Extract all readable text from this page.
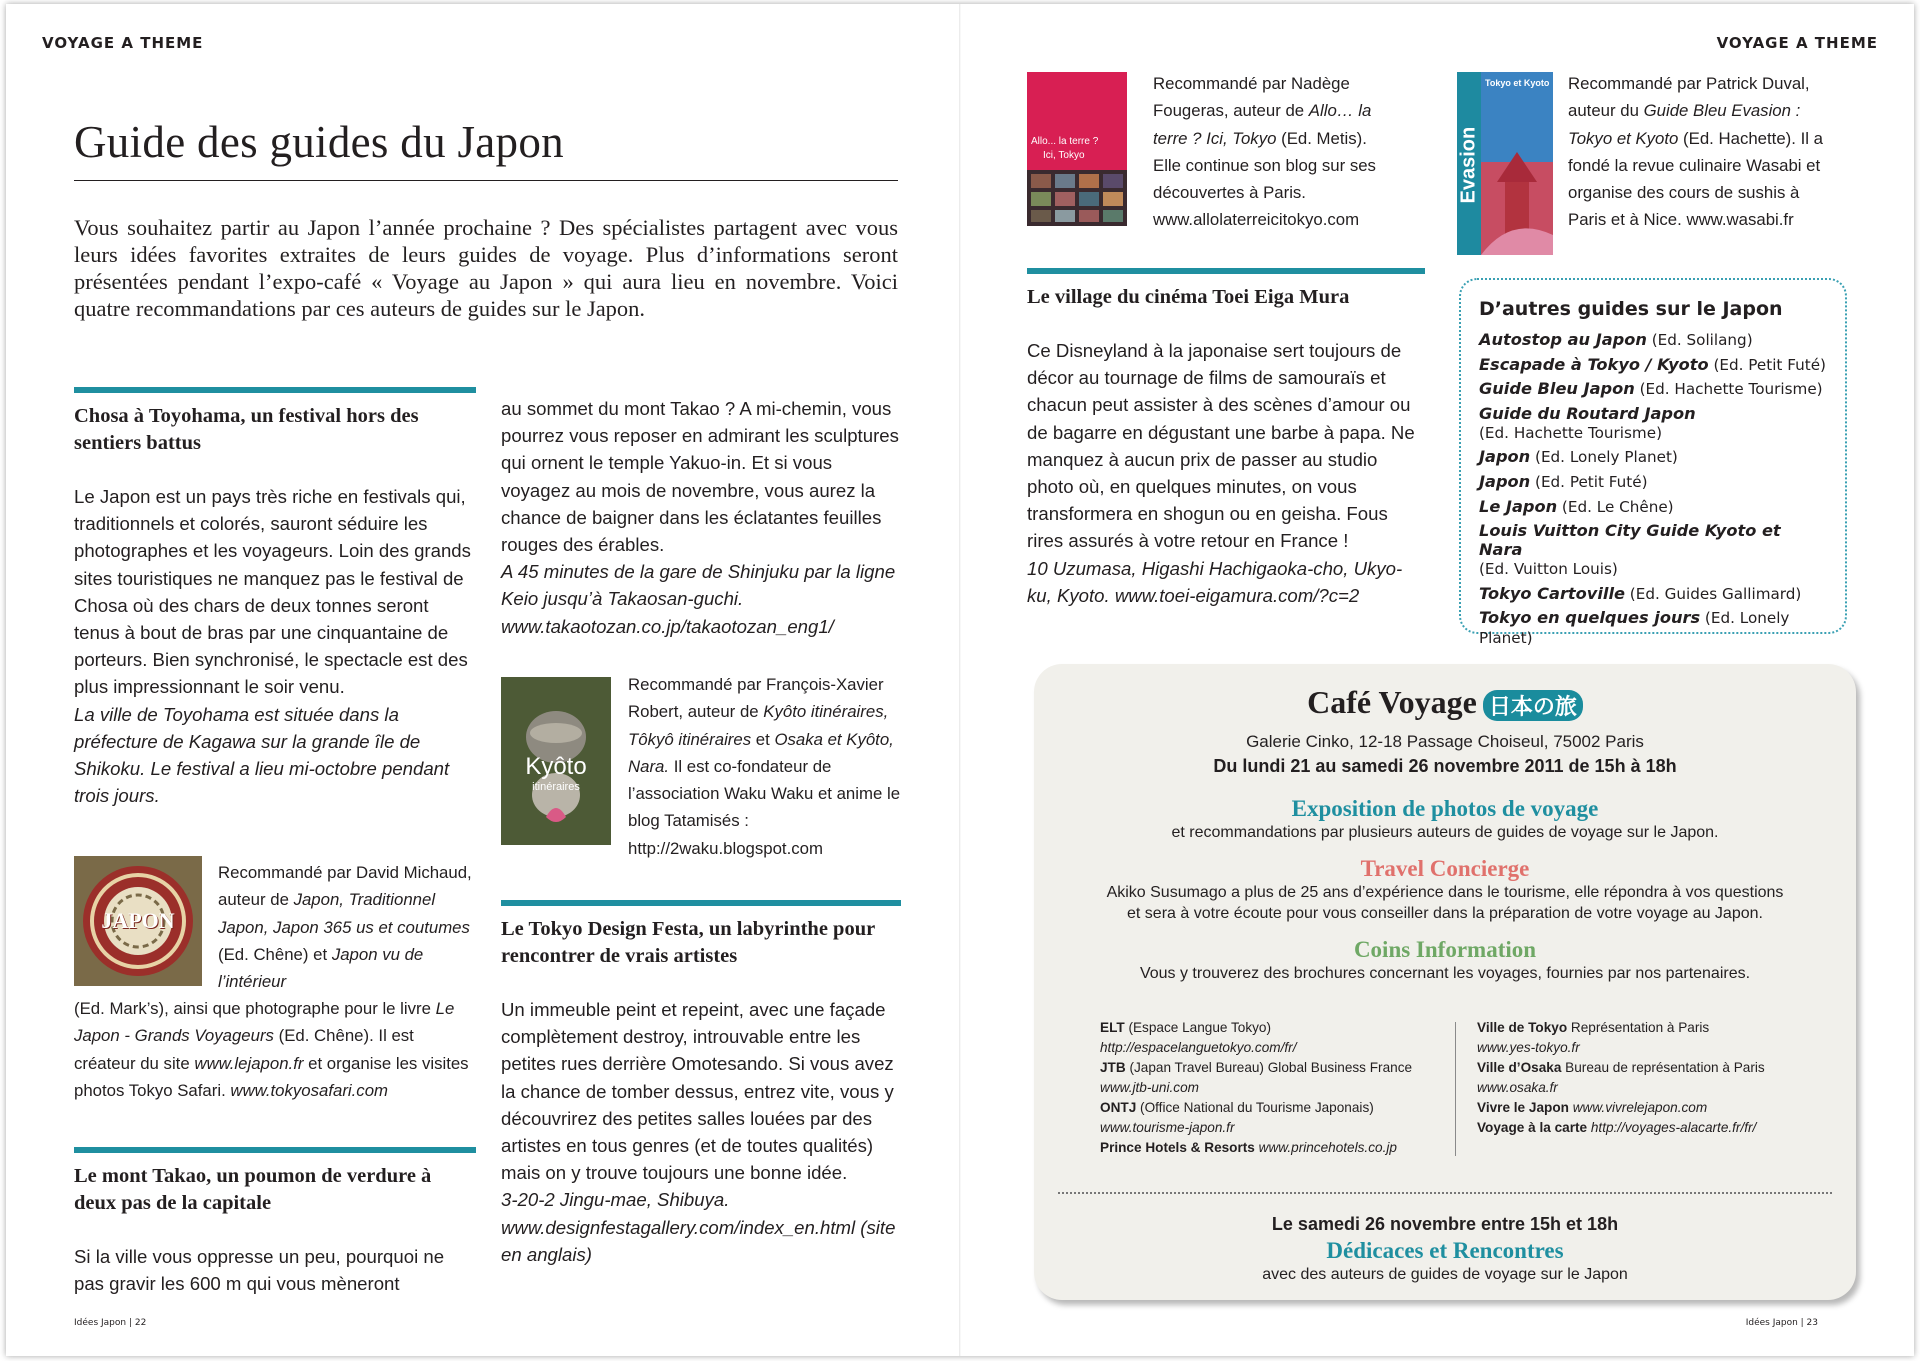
VOYAGE A THEME
Guide des guides du Japon

Vous souhaitez partir au Japon l’année prochaine ? Des spécialistes partagent avec vous leurs idées favorites extraites de leurs guides de voyage. Plus d’informations seront présentées pendant l’expo-café « Voyage au Japon » qui aura lieu en novembre. Voici quatre recommandations par ces auteurs de guides sur le Japon.

Chosa à Toyohama, un festival hors des sentiers battus

Le Japon est un pays très riche en festivals qui, traditionnels et colorés, sauront séduire les photographes et les voyageurs. Loin des grands sites touristiques ne manquez pas le festival de Chosa où des chars de deux tonnes seront tenus à bout de bras par une cinquantaine de porteurs. Bien synchronisé, le spectacle est des plus impressionnant le soir venu.

La ville de Toyohama est située dans la préfecture de Kagawa sur la grande île de Shikoku. Le festival a lieu mi-octobre pendant trois jours.

JAPON
Recommandé par David Michaud, auteur de Japon, Traditionnel Japon, Japon 365 us et coutumes (Ed. Chêne) et Japon vu de l’intérieur
(Ed. Mark’s), ainsi que photographe pour le livre Le Japon - Grands Voyageurs (Ed. Chêne). Il est créateur du site www.lejapon.fr et organise les visites photos Tokyo Safari. www.tokyosafari.com
Le mont Takao, un poumon de verdure à deux pas de la capitale

Si la ville vous oppresse un peu, pourquoi ne pas gravir les 600 m qui vous mèneront

au sommet du mont Takao ? A mi-chemin, vous pourrez vous reposer en admirant les sculptures qui ornent le temple Yakuo-in. Et si vous voyagez au mois de novembre, vous aurez la chance de baigner dans les éclatantes feuilles rouges des érables.

A 45 minutes de la gare de Shinjuku par la ligne Keio jusqu’à Takaosan-guchi. www.takaotozan.co.jp/takaotozan_eng1/

Kyôto
itinéraires
Recommandé par François-Xavier Robert, auteur de Kyôto itinéraires, Tôkyô itinéraires et Osaka et Kyôto, Nara. Il est co-fondateur de l’association Waku Waku et anime le blog Tatamisés : http://2waku.blogspot.com
Le Tokyo Design Festa, un labyrinthe pour rencontrer de vrais artistes

Un immeuble peint et repeint, avec une façade complètement destroy, introuvable entre les petites rues derrière Omotesando. Si vous avez la chance de tomber dessus, entrez vite, vous y découvrirez des petites salles louées par des artistes en tous genres (et de toutes qualités) mais on y trouve toujours une bonne idée.

3-20-2 Jingu-mae, Shibuya. www.designfestagallery.com/index_en.html (site en anglais)

Idées Japon | 22
VOYAGE A THEME
Idées Japon | 23
Allo... la terre ?
Ici, Tokyo
Recommandé par Nadège Fougeras, auteur de Allo… la terre ? Ici, Tokyo (Ed. Metis). Elle continue son blog sur ses découvertes à Paris. www.allolaterreicitokyo.com
Evasion
Tokyo et Kyoto Recommandé par Patrick Duval, auteur du Guide Bleu Evasion : Tokyo et Kyoto (Ed. Hachette). Il a fondé la revue culinaire Wasabi et organise des cours de sushis à Paris et à Nice. www.wasabi.fr
Le village du cinéma Toei Eiga Mura

Ce Disneyland à la japonaise sert toujours de décor au tournage de films de samouraïs et chacun peut assister à des scènes d’amour ou de bagarre en dégustant une barbe à papa. Ne manquez à aucun prix de passer au studio photo où, en quelques minutes, on vous transformera en shogun ou en geisha. Fous rires assurés à votre retour en France !

10 Uzumasa, Higashi Hachigaoka-cho, Ukyo-ku, Kyoto. www.toei-eigamura.com/?c=2

D’autres guides sur le Japon
Autostop au Japon (Ed. Solilang)
Escapade à Tokyo / Kyoto (Ed. Petit Futé)
Guide Bleu Japon (Ed. Hachette Tourisme)
Guide du Routard Japon
(Ed. Hachette Tourisme)
Japon (Ed. Lonely Planet)
Japon (Ed. Petit Futé)
Le Japon (Ed. Le Chêne)
Louis Vuitton City Guide Kyoto et Nara
(Ed. Vuitton Louis)
Tokyo Cartoville (Ed. Guides Gallimard)
Tokyo en quelques jours (Ed. Lonely Planet)
Café Voyage 日本の旅
Galerie Cinko, 12-18 Passage Choiseul, 75002 Paris
Du lundi 21 au samedi 26 novembre 2011 de 15h à 18h
Exposition de photos de voyage
et recommandations par plusieurs auteurs de guides de voyage sur le Japon.
Travel Concierge
Akiko Susumago a plus de 25 ans d’expérience dans le tourisme, elle répondra à vos questions
et sera à votre écoute pour vous conseiller dans la préparation de votre voyage au Japon.
Coins Information
Vous y trouverez des brochures concernant les voyages, fournies par nos partenaires.
ELT (Espace Langue Tokyo)
http://espacelanguetokyo.com/fr/
JTB (Japan Travel Bureau) Global Business France
www.jtb-uni.com
ONTJ (Office National du Tourisme Japonais)
www.tourisme-japon.fr
Prince Hotels & Resorts www.princehotels.co.jp
Ville de Tokyo Représentation à Paris
www.yes-tokyo.fr
Ville d’Osaka Bureau de représentation à Paris
www.osaka.fr
Vivre le Japon www.vivrelejapon.com
Voyage à la carte http://voyages-alacarte.fr/fr/
Le samedi 26 novembre entre 15h et 18h
Dédicaces et Rencontres
avec des auteurs de guides de voyage sur le Japon
